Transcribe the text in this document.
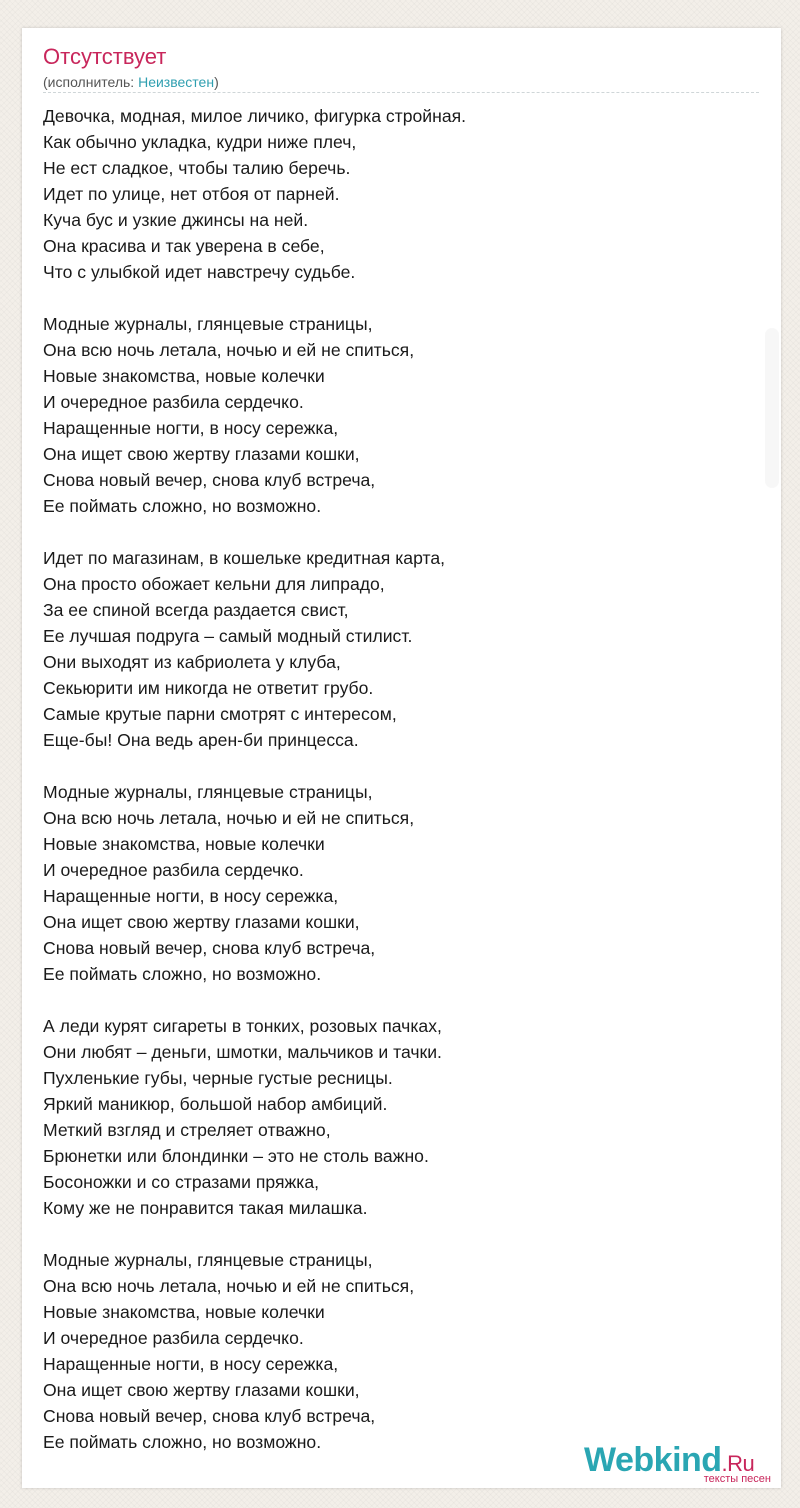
Отсутствует
(исполнитель: Неизвестен)
Девочка, модная, милое личико, фигурка стройная.
Как обычно укладка, кудри ниже плеч,
Не ест сладкое, чтобы талию беречь.
Идет по улице, нет отбоя от парней.
Куча бус и узкие джинсы на ней.
Она красива и так уверена в себе,
Что с улыбкой идет навстречу судьбе.
Модные журналы, глянцевые страницы,
Она всю ночь летала, ночью и ей не спиться,
Новые знакомства, новые колечки
И очередное разбила сердечко.
Наращенные ногти, в носу сережка,
Она ищет свою жертву глазами кошки,
Снова новый вечер, снова клуб встреча,
Ее поймать сложно, но возможно.
Идет по магазинам, в кошельке кредитная карта,
Она просто обожает кельни для липрадо,
За ее спиной всегда раздается свист,
Ее лучшая подруга – самый модный стилист.
Они выходят из кабриолета у клуба,
Секьюрити им никогда не ответит грубо.
Самые крутые парни смотрят с интересом,
Еще-бы! Она ведь арен-би принцесса.
Модные журналы, глянцевые страницы,
Она всю ночь летала, ночью и ей не спиться,
Новые знакомства, новые колечки
И очередное разбила сердечко.
Наращенные ногти, в носу сережка,
Она ищет свою жертву глазами кошки,
Снова новый вечер, снова клуб встреча,
Ее поймать сложно, но возможно.
А леди курят сигареты в тонких, розовых пачках,
Они любят – деньги, шмотки, мальчиков и тачки.
Пухленькие губы, черные густые ресницы.
Яркий маникюр, большой набор амбиций.
Меткий взгляд и стреляет отважно,
Брюнетки или блондинки – это не столь важно.
Босоножки и со стразами пряжка,
Кому же не понравится такая милашка.
Модные журналы, глянцевые страницы,
Она всю ночь летала, ночью и ей не спиться,
Новые знакомства, новые колечки
И очередное разбила сердечко.
Наращенные ногти, в носу сережка,
Она ищет свою жертву глазами кошки,
Снова новый вечер, снова клуб встреча,
Ее поймать сложно, но возможно.	Webkind.Ru
тексты песен
